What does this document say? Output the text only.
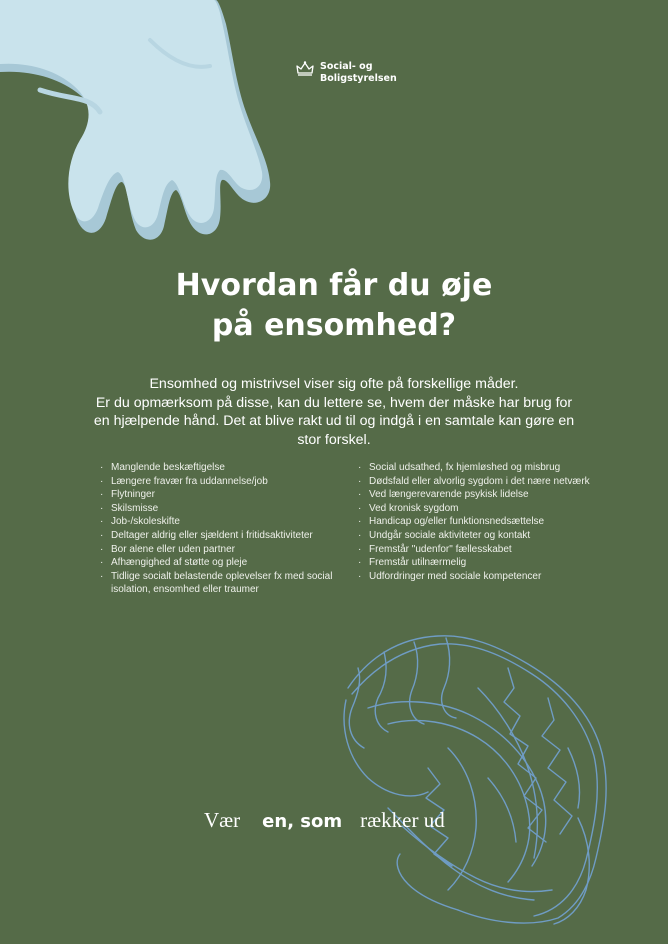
Social- og
Boligstyrelsen
Hvordan får du øje
på ensomhed?
Ensomhed og mistrivsel viser sig ofte på forskellige måder.
Er du opmærksom på disse, kan du lettere se, hvem der måske har brug for
en hjælpende hånd. Det at blive rakt ud til og indgå i en samtale kan gøre en
stor forskel.
· Manglende beskæftigelse
· Længere fravær fra uddannelse/job
· Flytninger
· Skilsmisse
· Job-/skoleskifte
· Deltager aldrig eller sjældent i fritidsaktiviteter
· Bor alene eller uden partner
· Afhængighed af støtte og pleje
· Tidlige socialt belastende oplevelser fx med social isolation, ensomhed eller traumer
· Social udsathed, fx hjemløshed og misbrug
· Dødsfald eller alvorlig sygdom i det nære netværk
· Ved længerevarende psykisk lidelse
· Ved kronisk sygdom
· Handicap og/eller funktionsnedsættelse
· Undgår sociale aktiviteter og kontakt
· Fremstår "udenfor" fællesskabet
· Fremstår utilnærmelig
· Udfordringer med sociale kompetencer
Vær en, som rækker ud
